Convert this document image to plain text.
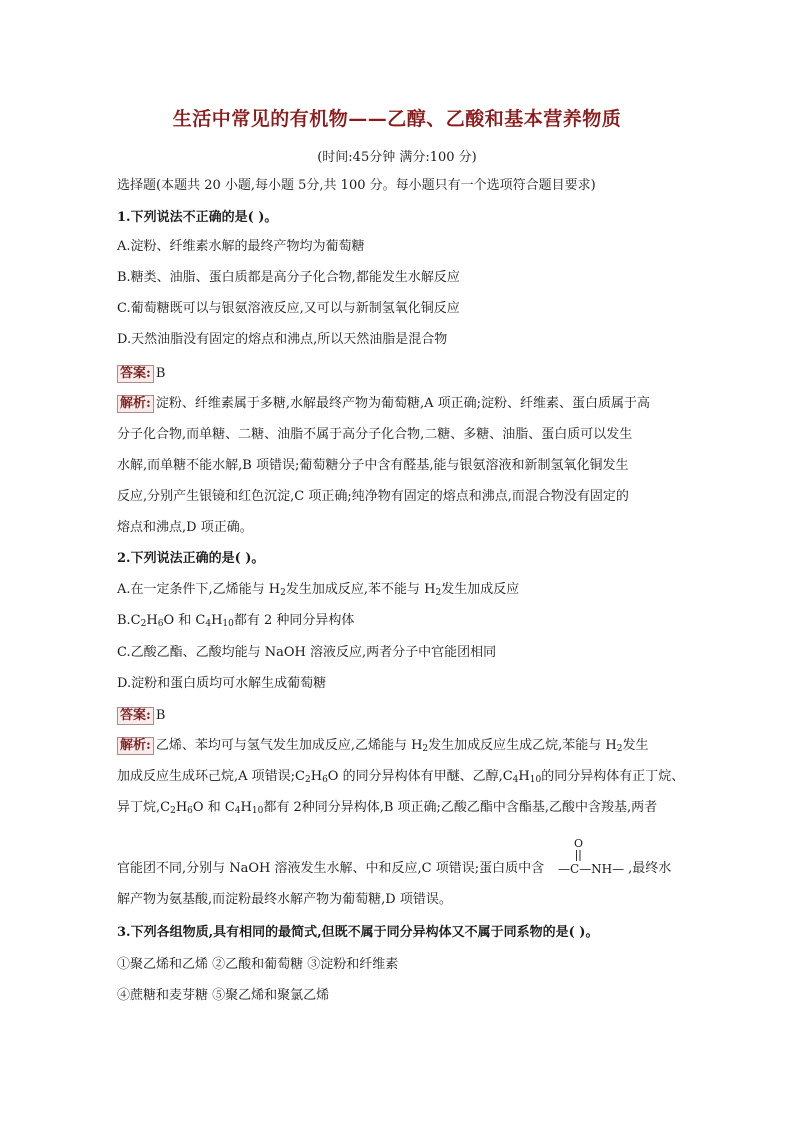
生活中常见的有机物——乙醇、乙酸和基本营养物质
(时间:45分钟 满分:100 分)
选择题(本题共 20 小题,每小题 5分,共 100 分。每小题只有一个选项符合题目要求)
1.下列说法不正确的是( )。
A.淀粉、纤维素水解的最终产物均为葡萄糖
B.糖类、油脂、蛋白质都是高分子化合物,都能发生水解反应
C.葡萄糖既可以与银氨溶液反应,又可以与新制氢氧化铜反应
D.天然油脂没有固定的熔点和沸点,所以天然油脂是混合物
答案: B
解析: 淀粉、纤维素属于多糖,水解最终产物为葡萄糖,A 项正确;淀粉、纤维素、蛋白质属于高
分子化合物,而单糖、二糖、油脂不属于高分子化合物,二糖、多糖、油脂、蛋白质可以发生
水解,而单糖不能水解,B 项错误;葡萄糖分子中含有醛基,能与银氨溶液和新制氢氧化铜发生
反应,分别产生银镜和红色沉淀,C 项正确;纯净物有固定的熔点和沸点,而混合物没有固定的
熔点和沸点,D 项正确。
2.下列说法正确的是( )。
A.在一定条件下,乙烯能与 $H_2$发生加成反应,苯不能与 $H_2$发生加成反应
$B.C_2H_6O$ 和 $C_4H_{10}$都有 2 种同分异构体
C.乙酸乙酯、乙酸均能与 NaOH 溶液反应,两者分子中官能团相同
D.淀粉和蛋白质均可水解生成葡萄糖
答案: B
解析: 乙烯、苯均可与氢气发生加成反应,乙烯能与 $H_2$发生加成反应生成乙烷,苯能与 $H_2$发生
加成反应生成环己烷,A 项错误$;C_2H_6O$ 的同分异构体有甲醚、乙醇$,C_4H_{10}$的同分异构体有正丁烷、
异丁烷$,C_2H_6O$ 和 $C_4H_{10}$都有 2种同分异构体,B 项正确;乙酸乙酯中含酯基,乙酸中含羧基,两者
官能团不同,分别与 NaOH 溶液发生水解、中和反应,C 项错误;蛋白质中含	,最终水
O
—C—NH—
解产物为氨基酸,而淀粉最终水解产物为葡萄糖,D 项错误。
3.下列各组物质,具有相同的最简式,但既不属于同分异构体又不属于同系物的是( )。
①聚乙烯和乙烯 ②乙酸和葡萄糖 ③淀粉和纤维素
④蔗糖和麦芽糖 ⑤聚乙烯和聚氯乙烯
